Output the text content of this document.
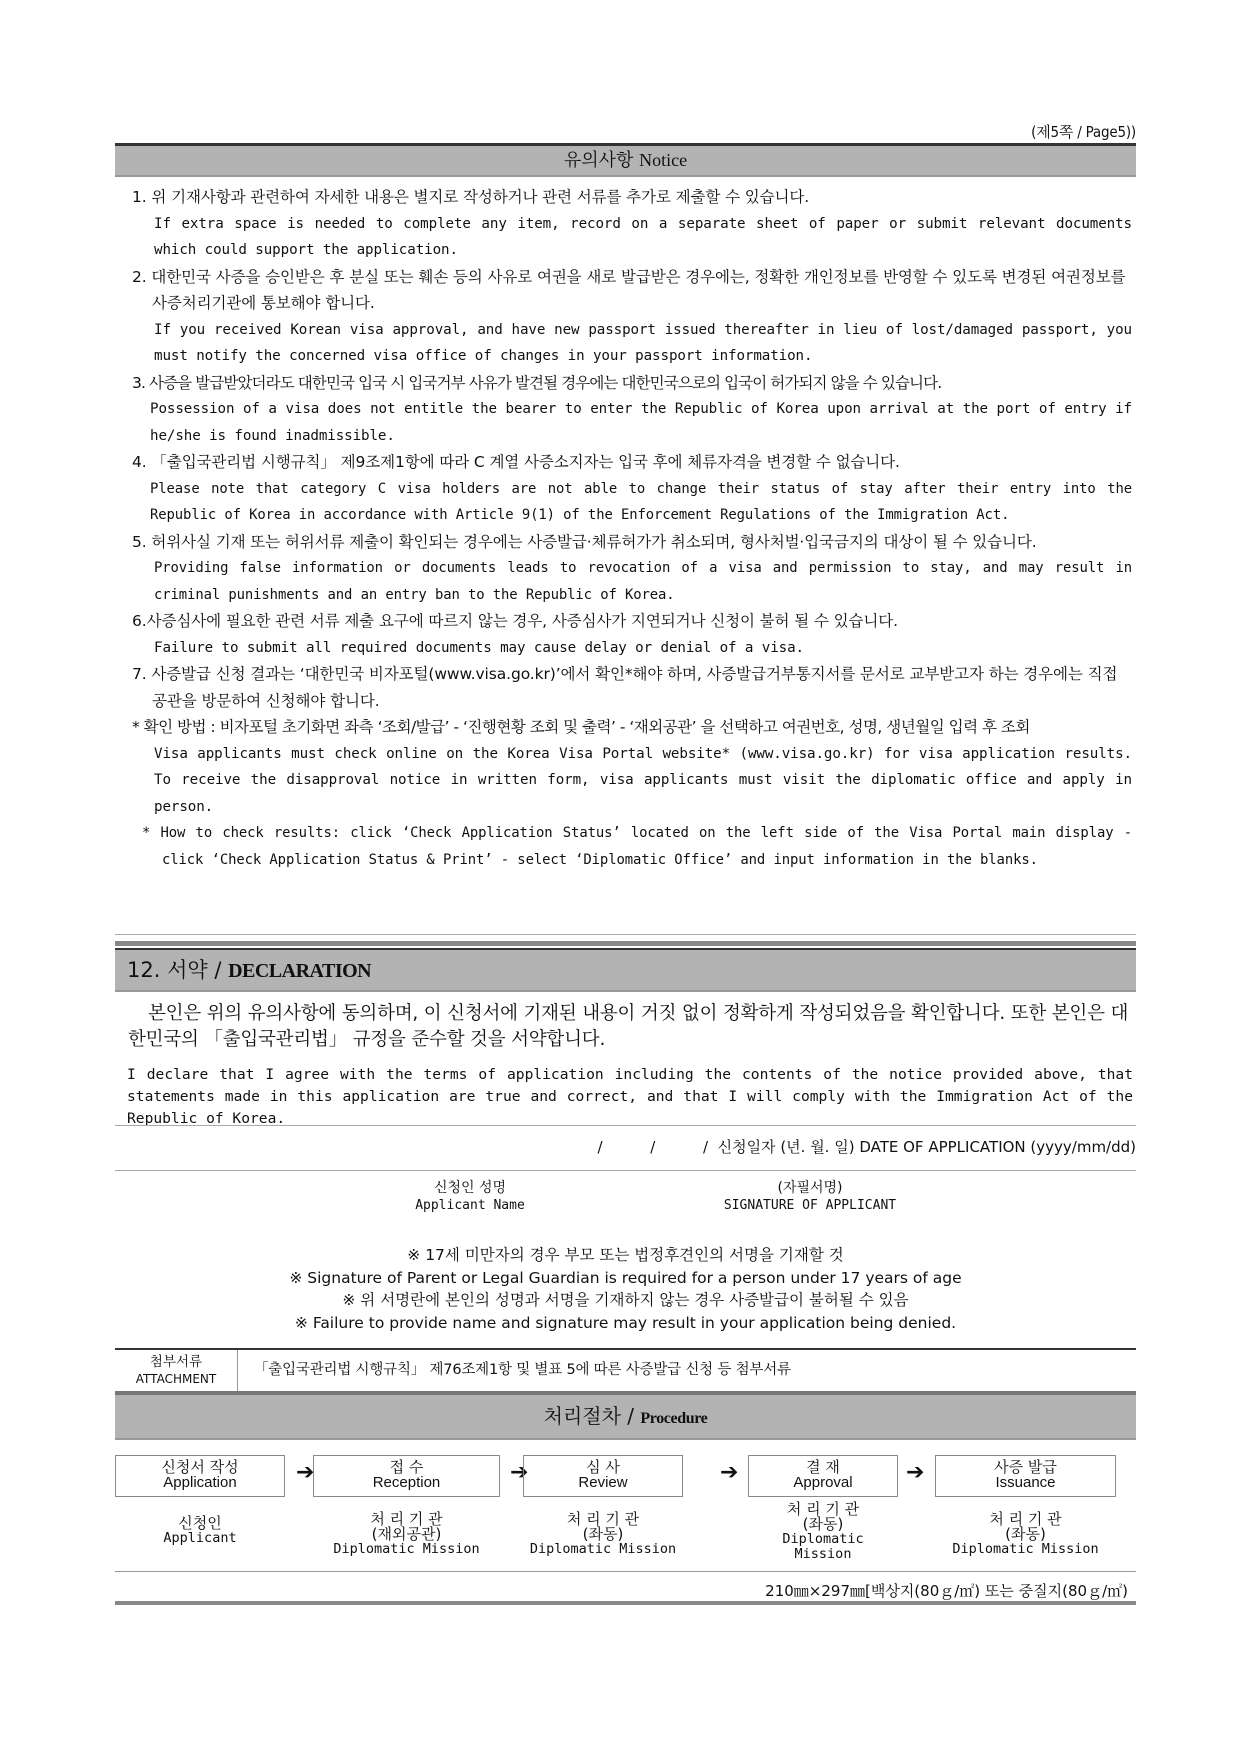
(제5쪽 / Page5))
유의사항 Notice
1. 위 기재사항과 관련하여 자세한 내용은 별지로 작성하거나 관련 서류를 추가로 제출할 수 있습니다.
If extra space is needed to complete any item, record on a separate sheet of paper or submit relevant documents which could support the application.
2. 대한민국 사증을 승인받은 후 분실 또는 훼손 등의 사유로 여권을 새로 발급받은 경우에는, 정확한 개인정보를 반영할 수 있도록 변경된 여권정보를 사증처리기관에 통보해야 합니다.
If you received Korean visa approval, and have new passport issued thereafter in lieu of lost/damaged passport, you must notify the concerned visa office of changes in your passport information.
3. 사증을 발급받았더라도 대한민국 입국 시 입국거부 사유가 발견될 경우에는 대한민국으로의 입국이 허가되지 않을 수 있습니다.
Possession of a visa does not entitle the bearer to enter the Republic of Korea upon arrival at the port of entry if he/she is found inadmissible.
4. 「출입국관리법 시행규칙」 제9조제1항에 따라 C 계열 사증소지자는 입국 후에 체류자격을 변경할 수 없습니다.
Please note that category C visa holders are not able to change their status of stay after their entry into the Republic of Korea in accordance with Article 9(1) of the Enforcement Regulations of the Immigration Act.
5. 허위사실 기재 또는 허위서류 제출이 확인되는 경우에는 사증발급·체류허가가 취소되며, 형사처벌·입국금지의 대상이 될 수 있습니다.
Providing false information or documents leads to revocation of a visa and permission to stay, and may result in criminal punishments and an entry ban to the Republic of Korea.
6.사증심사에 필요한 관련 서류 제출 요구에 따르지 않는 경우, 사증심사가 지연되거나 신청이 불허 될 수 있습니다.
Failure to submit all required documents may cause delay or denial of a visa.
7. 사증발급 신청 결과는 ‘대한민국 비자포털(www.visa.go.kr)’에서 확인*해야 하며, 사증발급거부통지서를 문서로 교부받고자 하는 경우에는 직접 공관을 방문하여 신청해야 합니다.
* 확인 방법 : 비자포털 초기화면 좌측 ‘조회/발급’ - ‘진행현황 조회 및 출력’ - ‘재외공관’ 을 선택하고 여권번호, 성명, 생년월일 입력 후 조회
Visa applicants must check online on the Korea Visa Portal website* (www.visa.go.kr) for visa application results. To receive the disapproval notice in written form, visa applicants must visit the diplomatic office and apply in person.
* How to check results: click ‘Check Application Status’ located on the left side of the Visa Portal main display - click ‘Check Application Status & Print’ - select ‘Diplomatic Office’ and input information in the blanks.
12. 서약 / DECLARATION
본인은 위의 유의사항에 동의하며, 이 신청서에 기재된 내용이 거짓 없이 정확하게 작성되었음을 확인합니다. 또한 본인은 대한민국의 「출입국관리법」 규정을 준수할 것을 서약합니다.
I declare that I agree with the terms of application including the contents of the notice provided above, that statements made in this application are true and correct, and that I will comply with the Immigration Act of the Republic of Korea.
/          /          /  신청일자 (년. 월. 일) DATE OF APPLICATION (yyyy/mm/dd)
신청인 성명
Applicant Name
(자필서명)
SIGNATURE OF APPLICANT
※ 17세 미만자의 경우 부모 또는 법정후견인의 서명을 기재할 것
※ Signature of Parent or Legal Guardian is required for a person under 17 years of age
※ 위 서명란에 본인의 성명과 서명을 기재하지 않는 경우 사증발급이 불허될 수 있음
※ Failure to provide name and signature may result in your application being denied.
첨부서류
ATTACHMENT
「출입국관리법 시행규칙」 제76조제1항 및 별표 5에 따른 사증발급 신청 등 첨부서류
처리절차 / Procedure
신청서 작성
Application	➔	접 수
Reception	➔	심 사
Review	➔	결 재
Approval	➔	사증 발급
Issuance
신청인
Applicant
처 리 기 관
(재외공관)
Diplomatic Mission
처 리 기 관
(좌동)
Diplomatic Mission
처 리 기 관
(좌동)
Diplomatic Mission
처 리 기 관
(좌동)
Diplomatic Mission
210㎜×297㎜[백상지(80ｇ/㎡) 또는 중질지(80ｇ/㎡)
